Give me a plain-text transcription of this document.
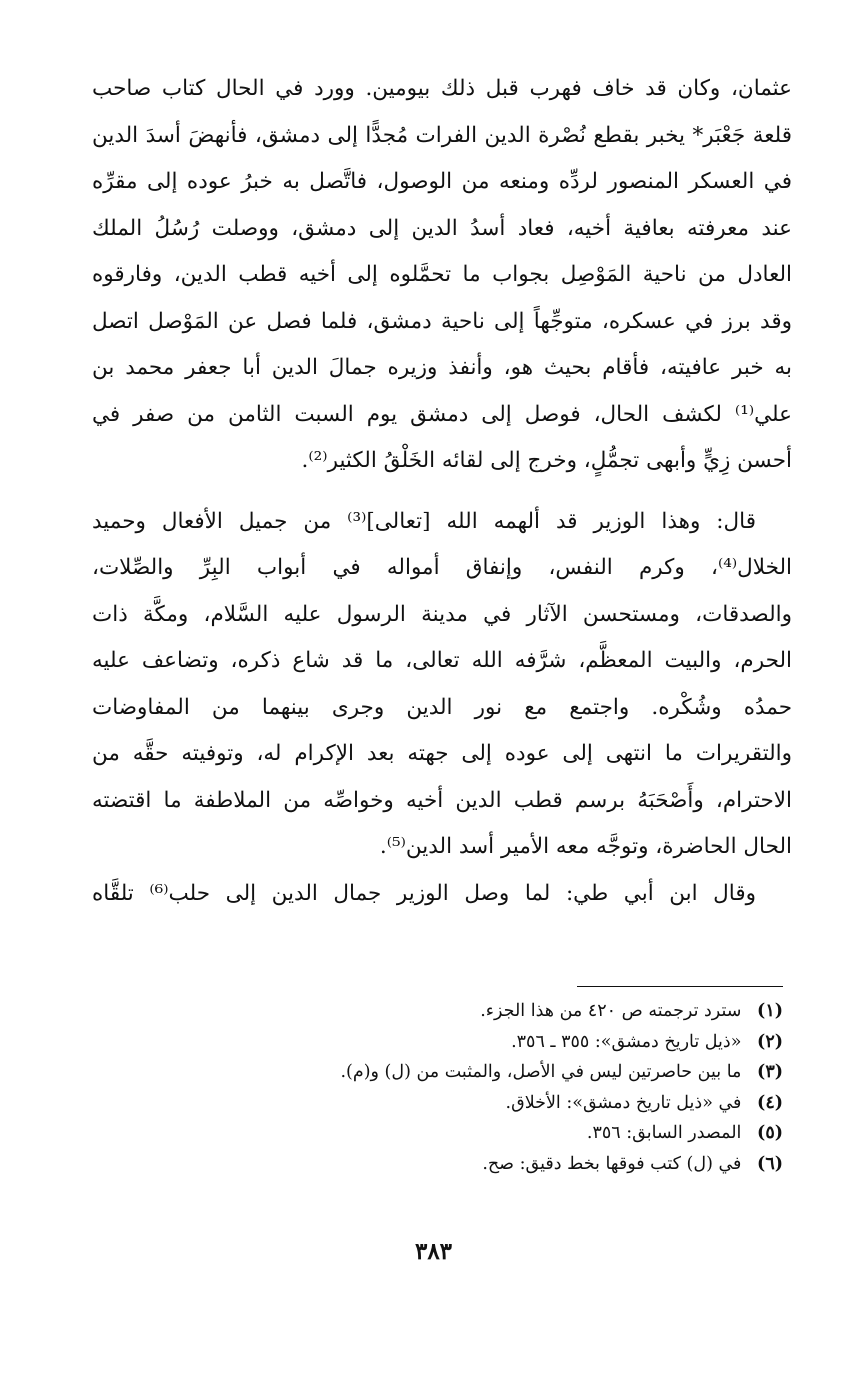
عثمان، وكان قد خاف فهرب قبل ذلك بيومين. وورد في الحال كتاب صاحب
قلعة جَعْبَر* يخبر بقطع نُصْرة الدين الفرات مُجدًّا إلى دمشق، فأنهضَ أسدَ الدين
في العسكر المنصور لردِّه ومنعه من الوصول، فاتَّصل به خبرُ عوده إلى مقرِّه
عند معرفته بعافية أخيه، فعاد أسدُ الدين إلى دمشق، ووصلت رُسُلُ الملك
العادل من ناحية المَوْصِل بجواب ما تحمَّلوه إلى أخيه قطب الدين، وفارقوه
وقد برز في عسكره، متوجِّهاً إلى ناحية دمشق، فلما فصل عن المَوْصل اتصل
به خبر عافيته، فأقام بحيث هو، وأنفذ وزيره جمالَ الدين أبا جعفر محمد بن
علي⁽¹⁾ لكشف الحال، فوصل إلى دمشق يوم السبت الثامن من صفر في
أحسن زِيٍّ وأبهى تجمُّلٍ، وخرج إلى لقائه الخَلْقُ الكثير⁽²⁾.
قال: وهذا الوزير قد ألهمه الله [تعالى]⁽³⁾ من جميل الأفعال وحميد
الخلال⁽⁴⁾، وكرم النفس، وإنفاق أمواله في أبواب البِرِّ والصِّلات،
والصدقات، ومستحسن الآثار في مدينة الرسول عليه السَّلام، ومكَّة ذات
الحرم، والبيت المعظَّم، شرَّفه الله تعالى، ما قد شاع ذكره، وتضاعف عليه
حمدُه وشُكْره. واجتمع مع نور الدين وجرى بينهما من المفاوضات
والتقريرات ما انتهى إلى عوده إلى جهته بعد الإكرام له، وتوفيته حقَّه من
الاحترام، وأَصْحَبَهُ برسم قطب الدين أخيه وخواصِّه من الملاطفة ما اقتضته
الحال الحاضرة، وتوجَّه معه الأمير أسد الدين⁽⁵⁾.
وقال ابن أبي طي: لما وصل الوزير جمال الدين إلى حلب⁽⁶⁾ تلقَّاه
(١) سترد ترجمته ص ٤٢٠ من هذا الجزء.
(٢) «ذيل تاريخ دمشق»: ٣٥٥ ـ ٣٥٦.
(٣) ما بين حاصرتين ليس في الأصل، والمثبت من (ل) و(م).
(٤) في «ذيل تاريخ دمشق»: الأخلاق.
(٥) المصدر السابق: ٣٥٦.
(٦) في (ل) كتب فوقها بخط دقيق: صح.
٣٨٣
